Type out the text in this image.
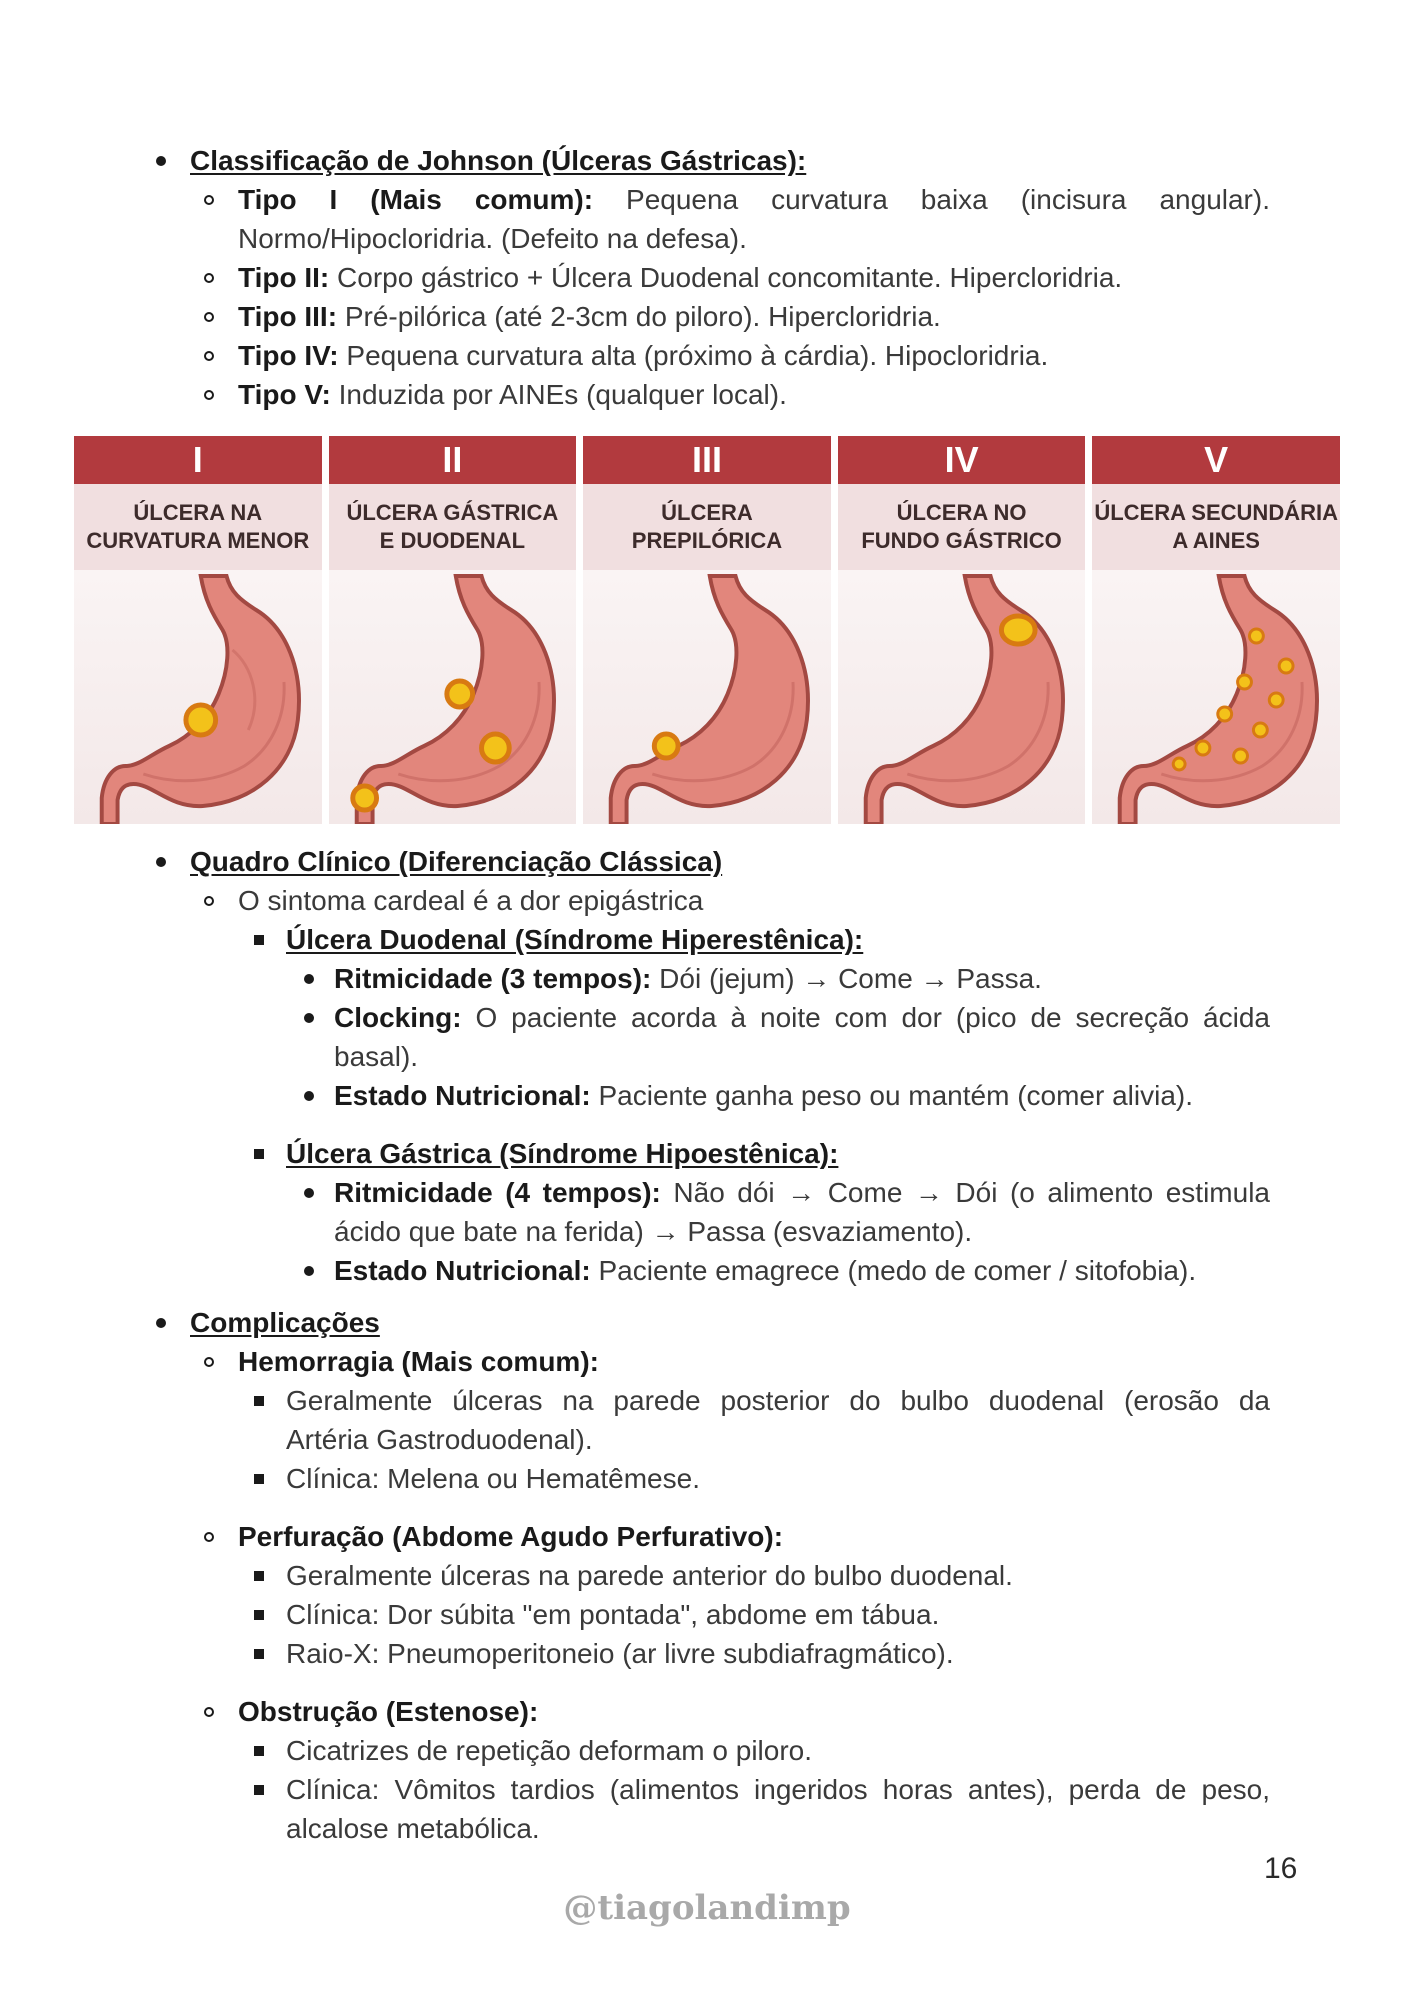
Classificação de Johnson (Úlceras Gástricas):
Tipo I (Mais comum): Pequena curvatura baixa (incisura angular).
Normo/Hipocloridria. (Defeito na defesa).
Tipo II: Corpo gástrico + Úlcera Duodenal concomitante. Hipercloridria.
Tipo III: Pré-pilórica (até 2-3cm do piloro). Hipercloridria.
Tipo IV: Pequena curvatura alta (próximo à cárdia). Hipocloridria.
Tipo V: Induzida por AINEs (qualquer local).
I
ÚLCERA NA
CURVATURA MENOR
II
ÚLCERA GÁSTRICA
E DUODENAL
III
ÚLCERA
PREPILÓRICA
IV
ÚLCERA NO
FUNDO GÁSTRICO
V
ÚLCERA SECUNDÁRIA
A AINES
Quadro Clínico (Diferenciação Clássica)
O sintoma cardeal é a dor epigástrica
Úlcera Duodenal (Síndrome Hiperestênica):
Ritmicidade (3 tempos): Dói (jejum) → Come → Passa.
Clocking: O paciente acorda à noite com dor (pico de secreção ácida
basal).
Estado Nutricional: Paciente ganha peso ou mantém (comer alivia).
Úlcera Gástrica (Síndrome Hipoestênica):
Ritmicidade (4 tempos): Não dói → Come → Dói (o alimento estimula
ácido que bate na ferida) → Passa (esvaziamento).
Estado Nutricional: Paciente emagrece (medo de comer / sitofobia).
Complicações
Hemorragia (Mais comum):
Geralmente úlceras na parede posterior do bulbo duodenal (erosão da
Artéria Gastroduodenal).
Clínica: Melena ou Hematêmese.
Perfuração (Abdome Agudo Perfurativo):
Geralmente úlceras na parede anterior do bulbo duodenal.
Clínica: Dor súbita "em pontada", abdome em tábua.
Raio-X: Pneumoperitoneio (ar livre subdiafragmático).
Obstrução (Estenose):
Cicatrizes de repetição deformam o piloro.
Clínica: Vômitos tardios (alimentos ingeridos horas antes), perda de peso,
alcalose metabólica.
16
@tiagolandimp
